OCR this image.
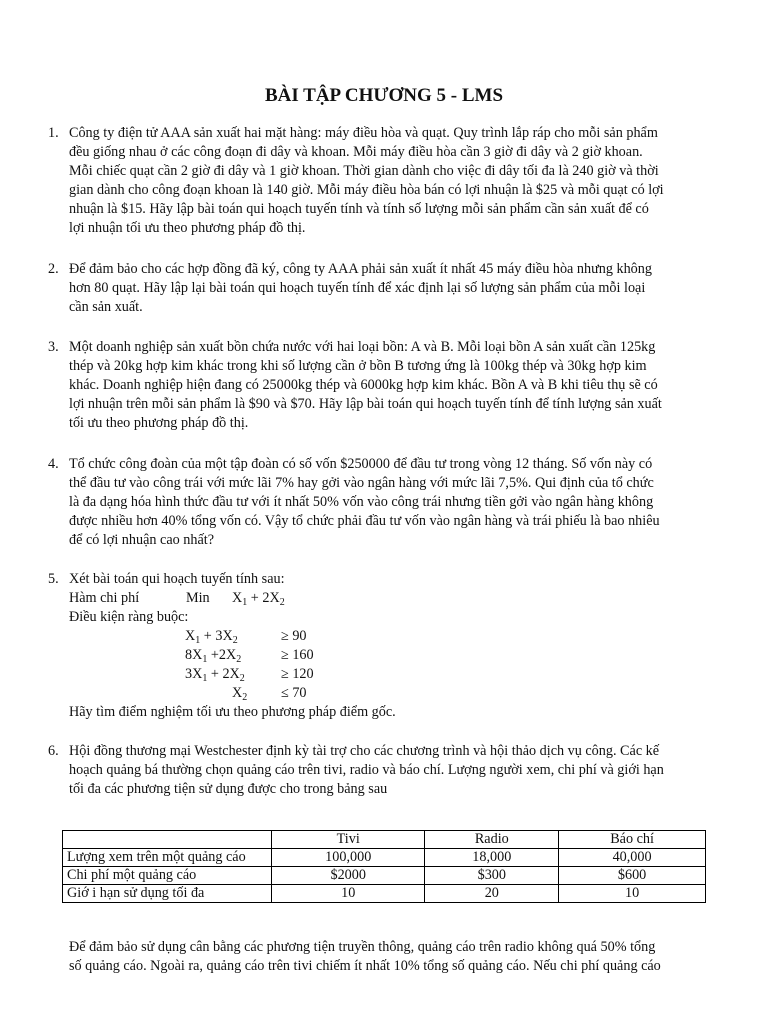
BÀI TẬP CHƯƠNG 5 - LMS
1. Công ty điện tử AAA sản xuất hai mặt hàng: máy điều hòa và quạt. Quy trình lắp ráp cho mỗi sản phẩm
đều giống nhau ở các công đoạn đi dây và khoan. Mỗi máy điều hòa cần 3 giờ đi dây và 2 giờ khoan.
Mỗi chiếc quạt cần 2 giờ đi dây và 1 giờ khoan. Thời gian dành cho việc đi dây tối đa là 240 giờ và thời
gian dành cho công đoạn khoan là 140 giờ. Mỗi máy điều hòa bán có lợi nhuận là $25 và mỗi quạt có lợi
nhuận là $15. Hãy lập bài toán qui hoạch tuyến tính và tính số lượng mỗi sản phẩm cần sản xuất để có
lợi nhuận tối ưu theo phương pháp đồ thị.
2. Để đảm bảo cho các hợp đồng đã ký, công ty AAA phải sản xuất ít nhất 45 máy điều hòa nhưng không
hơn 80 quạt. Hãy lập lại bài toán qui hoạch tuyến tính để xác định lại số lượng sản phẩm của mỗi loại
cần sản xuất.
3. Một doanh nghiệp sản xuất bồn chứa nước với hai loại bồn: A và B. Mỗi loại bồn A sản xuất cần 125kg
thép và 20kg hợp kim khác trong khi số lượng cần ở bồn B tương ứng là 100kg thép và 30kg hợp kim
khác. Doanh nghiệp hiện đang có 25000kg thép và 6000kg hợp kim khác. Bồn A và B khi tiêu thụ sẽ có
lợi nhuận trên mỗi sản phẩm là $90 và $70. Hãy lập bài toán qui hoạch tuyến tính để tính lượng sản xuất
tối ưu theo phương pháp đồ thị.
4. Tổ chức công đoàn của một tập đoàn có số vốn $250000 để đầu tư trong vòng 12 tháng. Số vốn này có
thể đầu tư vào công trái với mức lãi 7% hay gởi vào ngân hàng với mức lãi 7,5%. Qui định của tổ chức
là đa dạng hóa hình thức đầu tư với ít nhất 50% vốn vào công trái nhưng tiền gởi vào ngân hàng không
được nhiều hơn 40% tổng vốn có. Vậy tổ chức phải đầu tư vốn vào ngân hàng và trái phiếu là bao nhiêu
để có lợi nhuận cao nhất?
5. Xét bài toán qui hoạch tuyến tính sau:
Hàm chi phí	Min $X_1 + 2X_2$
Điều kiện ràng buộc:
$X_1 + 3X_2$	≥ 90
$8X_1 +2X_2$	≥ 160
$3X_1 + 2X_2$	≥ 120
$X_2 \le 70$
Hãy tìm điểm nghiệm tối ưu theo phương pháp điểm gốc.
6. Hội đồng thương mại Westchester định kỳ tài trợ cho các chương trình và hội thảo dịch vụ công. Các kế
hoạch quảng bá thường chọn quảng cáo trên tivi, radio và báo chí. Lượng người xem, chi phí và giới hạn
tối đa các phương tiện sử dụng được cho trong bảng sau
	Tivi	Radio	Báo chí
Lượng xem trên một quảng cáo	100,000	18,000	40,000
Chi phí một quảng cáo	$2000	$300	$600
Giớ i hạn sử dụng tối đa	10	20	10
Để đảm bảo sử dụng cân bằng các phương tiện truyền thông, quảng cáo trên radio không quá 50% tổng
số quảng cáo. Ngoài ra, quảng cáo trên tivi chiếm ít nhất 10% tổng số quảng cáo. Nếu chi phí quảng cáo
